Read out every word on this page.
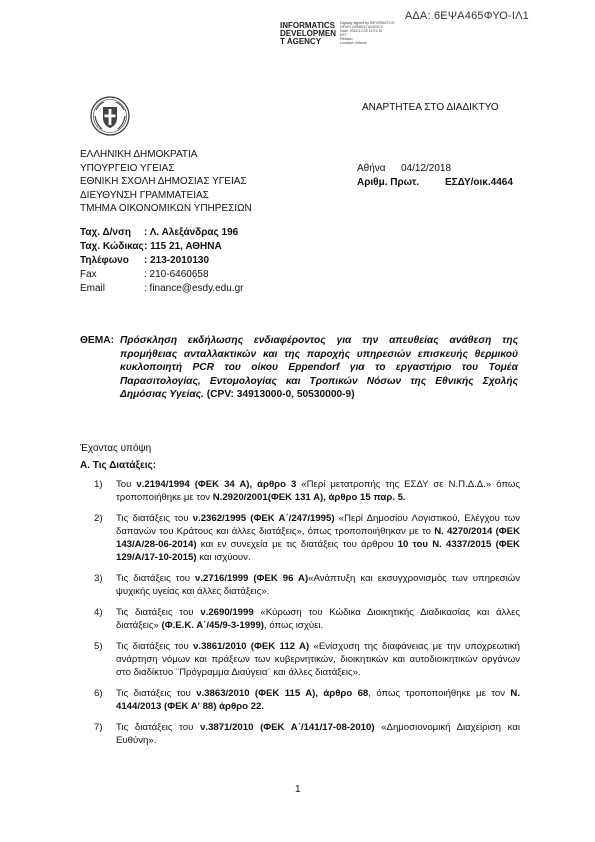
ΑΔΑ: 6ΕΨΑ465ΦΥΟ-ΙΛ1
INFORMATICS
DEVELOPMEN
T AGENCY
Digitally signed by INFORMATICS
DEVELOPMENT AGENCY
Date: 2018.12.05 11:01:15
EET
Reason:
Location: Athens
ΑΝΑΡΤΗΤΕΑ ΣΤΟ ΔΙΑΔΙΚΤΥΟ
ΕΛΛΗΝΙΚΗ ΔΗΜΟΚΡΑΤΙΑ
ΥΠΟΥΡΓΕΙΟ ΥΓΕΙΑΣ
ΕΘΝΙΚΗ ΣΧΟΛΗ ΔΗΜΟΣΙΑΣ ΥΓΕΙΑΣ
ΔΙΕΥΘΥΝΣΗ ΓΡΑΜΜΑΤΕΙΑΣ
ΤΜΗΜΑ ΟΙΚΟΝΟΜΙΚΩΝ ΥΠΗΡΕΣΙΩΝ
Αθήνα 04/12/2018
Αριθμ. Πρωτ.	ΕΣΔΥ/οικ.4464
Ταχ. Δ/νση : Λ. Αλεξάνδρας 196
Ταχ. Κώδικας: 115 21, ΑΘΗΝΑ
Τηλέφωνο : 213-2010130
Fax	: 210-6460658
Email	: finance@esdy.edu.gr
ΘΕΜΑ: Πρόσκληση εκδήλωσης ενδιαφέροντος για την απευθείας ανάθεση της προμήθειας ανταλλακτικών και της παροχής υπηρεσιών επισκευής θερμικού κυκλοποιητή PCR του οίκου Eppendorf για το εργαστήριο του Τομέα Παρασιτολογίας, Εντομολογίας και Τροπικών Νόσων της Εθνικής Σχολής Δημόσιας Υγείας. (CPV: 34913000-0, 50530000-9)
Έχοντας υπόψη
Α. Τις Διατάξεις:
1) Του ν.2194/1994 (ΦΕΚ 34 Α), άρθρο 3 «Περί μετατροπής της ΕΣΔΥ σε Ν.Π.Δ.Δ.» όπως τροποποιήθηκε με τον Ν.2920/2001(ΦΕΚ 131 Α), άρθρο 15 παρ. 5.
2) Τις διατάξεις του ν.2362/1995 (ΦΕΚ Α΄/247/1995) «Περί Δημοσίου Λογιστικού, Ελέγχου των δαπανών του Κράτους και άλλες διατάξεις», όπως τροποποιήθηκαν με το Ν. 4270/2014 (ΦΕΚ 143/Α/28-06-2014) και εν συνεχεία με τις διατάξεις του άρθρου 10 του Ν. 4337/2015 (ΦΕΚ 129/Α/17-10-2015) και ισχύουν.
3) Τις διατάξεις του ν.2716/1999 (ΦΕΚ 96 Α)«Ανάπτυξη και εκσυγχρονισμός των υπηρεσιών ψυχικής υγείας και άλλες διατάξεις».
4) Τις διατάξεις του ν.2690/1999 «Κύρωση του Κώδικα Διοικητικής Διαδικασίας και άλλες διατάξεις» (Φ.Ε.Κ. Α΄/45/9-3-1999), όπως ισχύει.
5) Τις διατάξεις του ν.3861/2010 (ΦΕΚ 112 Α) «Ενίσχυση της διαφάνειας με την υποχρεωτική ανάρτηση νόμων και πράξεων των κυβερνητικών, διοικητικών και αυτοδιοικητικών οργάνων στο διαδίκτυο ¨Πρόγραμμα Διαύγεια¨ και άλλες διατάξεις».
6) Τις διατάξεις του ν.3863/2010 (ΦΕΚ 115 Α), άρθρο 68, όπως τροποποιήθηκε με τον Ν. 4144/2013 (ΦΕΚ Α' 88) άρθρο 22.
7) Τις διατάξεις του ν.3871/2010 (ΦΕΚ Α΄/141/17-08-2010) «Δημοσιονομική Διαχείριση και Ευθύνη».
1
